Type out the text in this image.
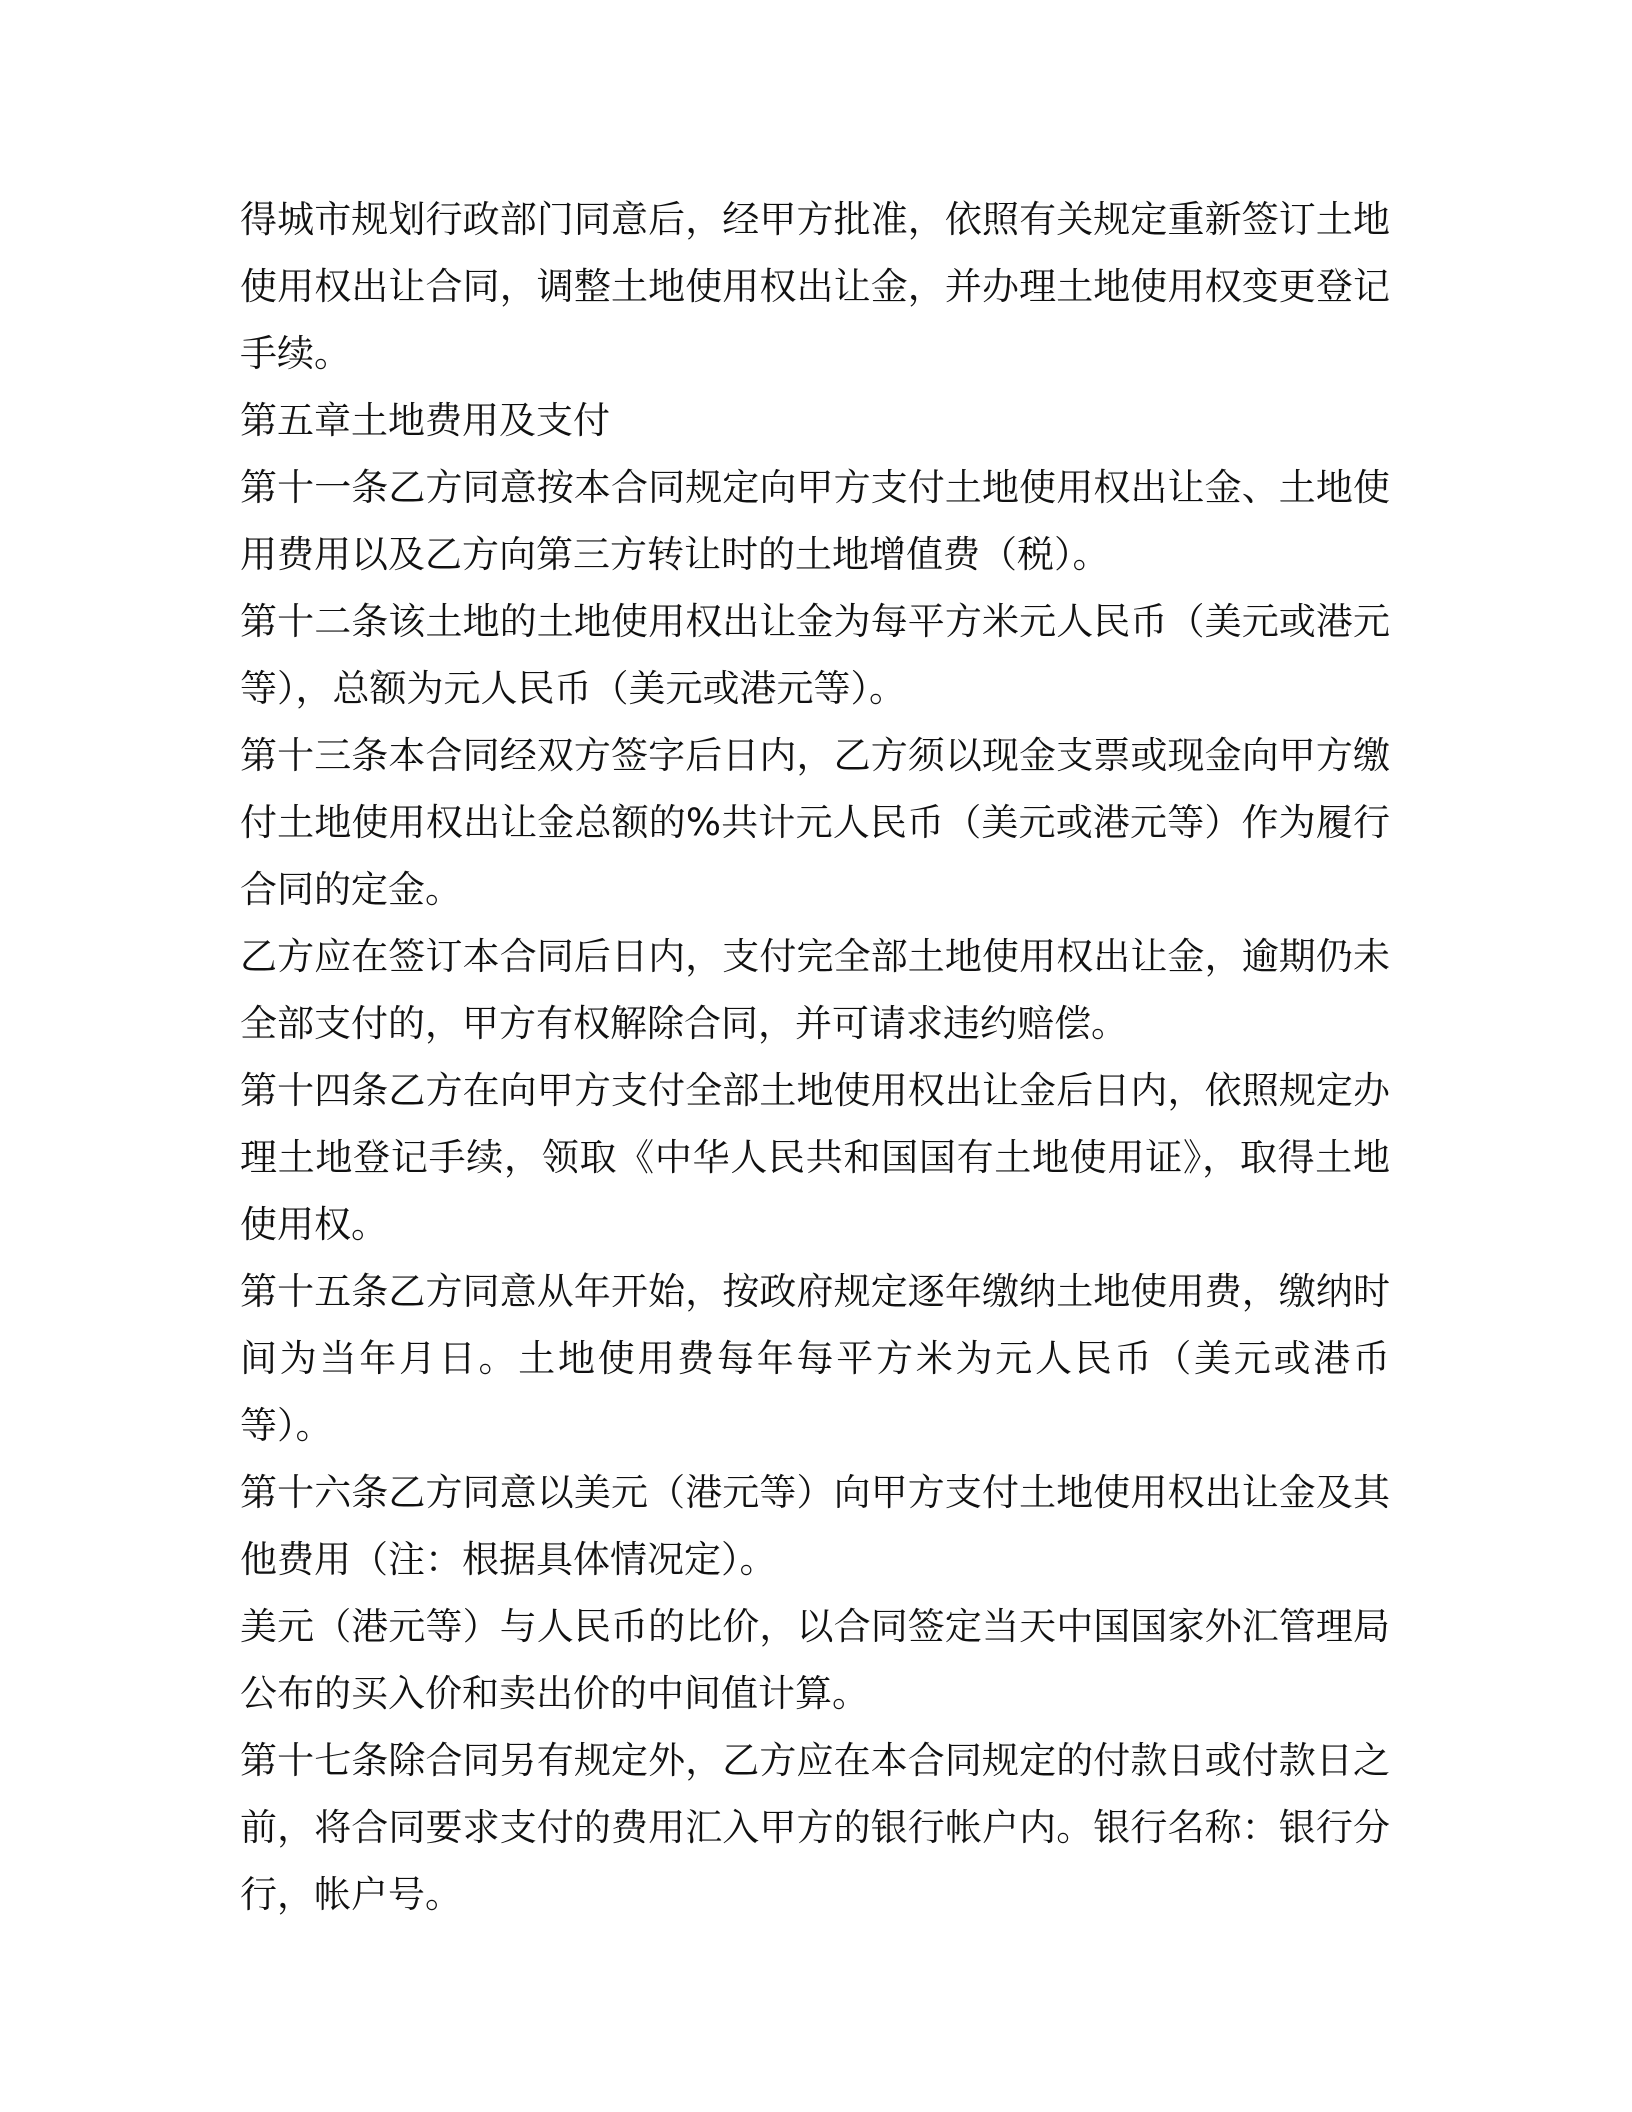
得城市规划行政部门同意后，经甲方批准，依照有关规定重新签订土地使用权出让合同，调整土地使用权出让金，并办理土地使用权变更登记手续。

第五章土地费用及支付

第十一条乙方同意按本合同规定向甲方支付土地使用权出让金、土地使用费用以及乙方向第三方转让时的土地增值费（税）。

第十二条该土地的土地使用权出让金为每平方米元人民币（美元或港元等），总额为元人民币（美元或港元等）。

第十三条本合同经双方签字后日内，乙方须以现金支票或现金向甲方缴付土地使用权出让金总额的%共计元人民币（美元或港元等）作为履行合同的定金。

乙方应在签订本合同后日内，支付完全部土地使用权出让金，逾期仍未全部支付的，甲方有权解除合同，并可请求违约赔偿。

第十四条乙方在向甲方支付全部土地使用权出让金后日内，依照规定办理土地登记手续，领取《中华人民共和国国有土地使用证》，取得土地使用权。

第十五条乙方同意从年开始，按政府规定逐年缴纳土地使用费，缴纳时间为当年月日。土地使用费每年每平方米为元人民币（美元或港币等）。

第十六条乙方同意以美元（港元等）向甲方支付土地使用权出让金及其他费用（注：根据具体情况定）。

美元（港元等）与人民币的比价，以合同签定当天中国国家外汇管理局公布的买入价和卖出价的中间值计算。

第十七条除合同另有规定外，乙方应在本合同规定的付款日或付款日之前，将合同要求支付的费用汇入甲方的银行帐户内。银行名称：银行分行，帐户号。
